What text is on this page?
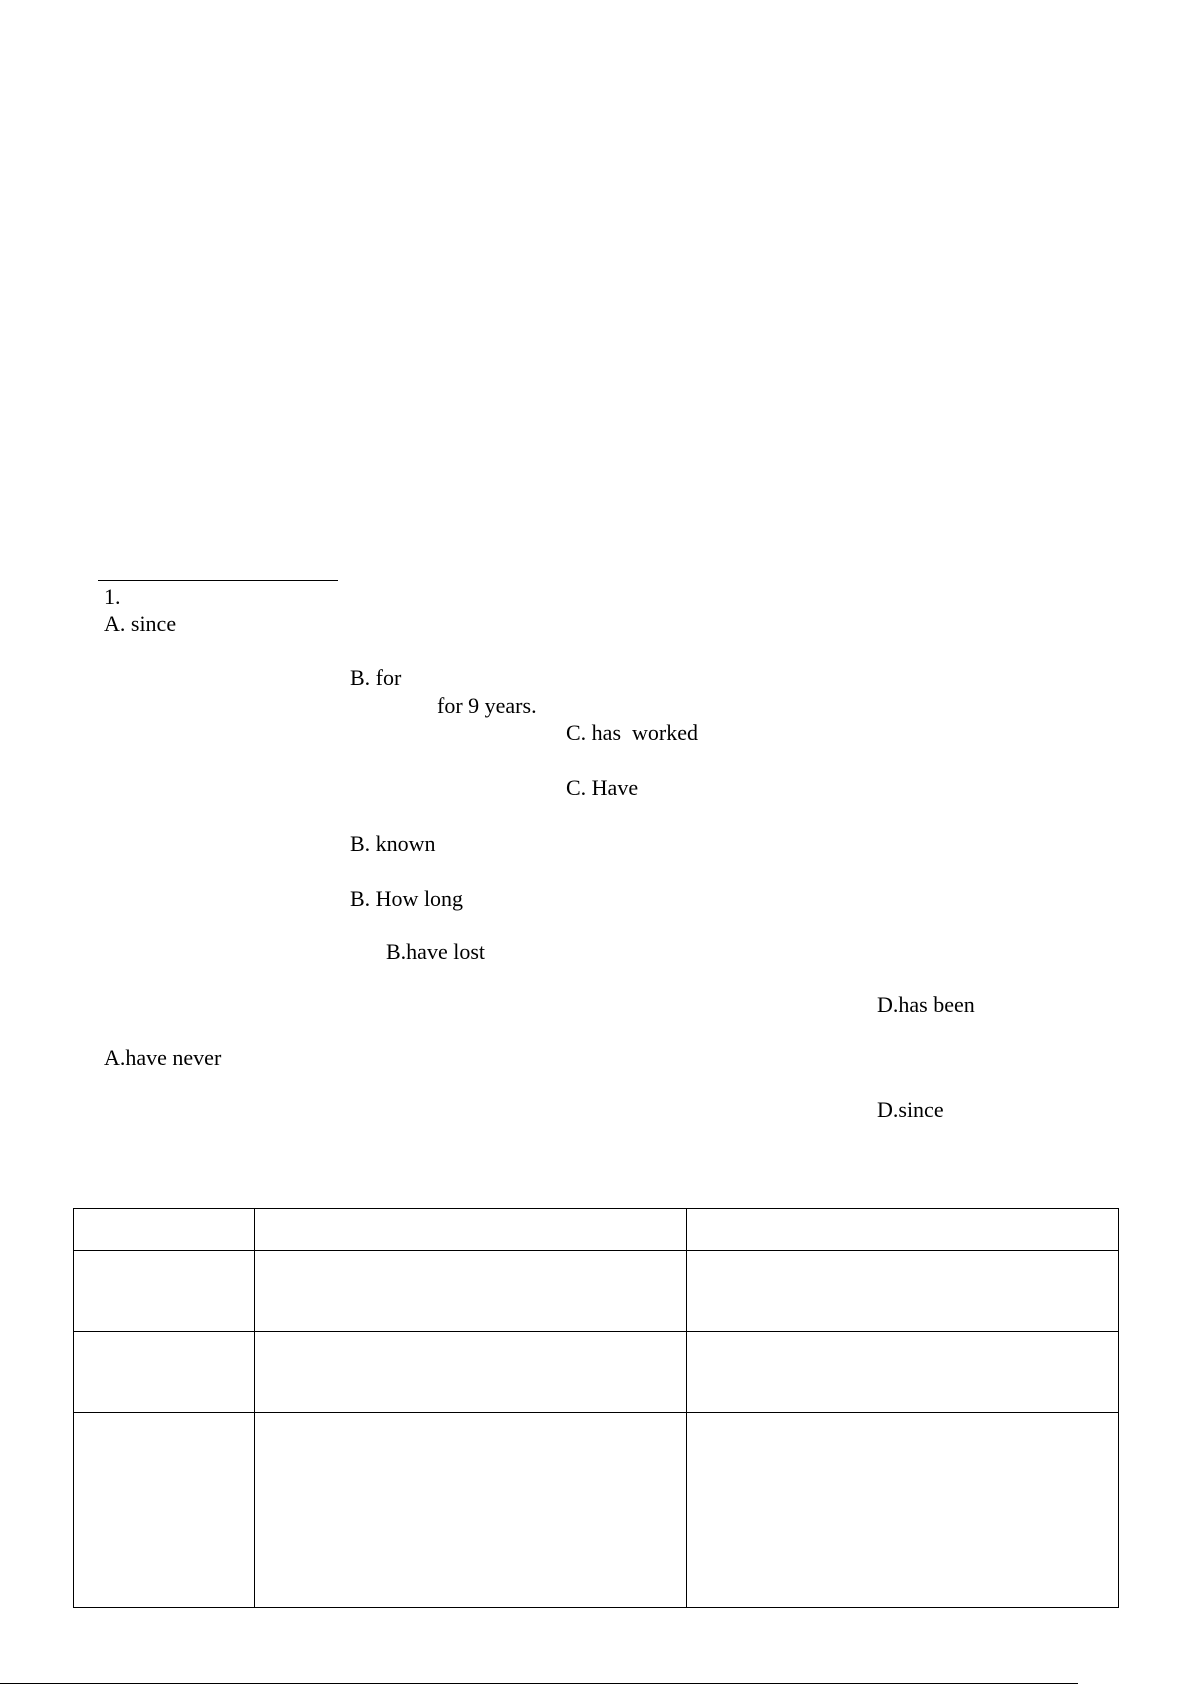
1.
A. since
B. for
for 9 years.
C. has  worked
C. Have
B. known
B. How long
B.have lost
D.has been
A.have never
D.since
